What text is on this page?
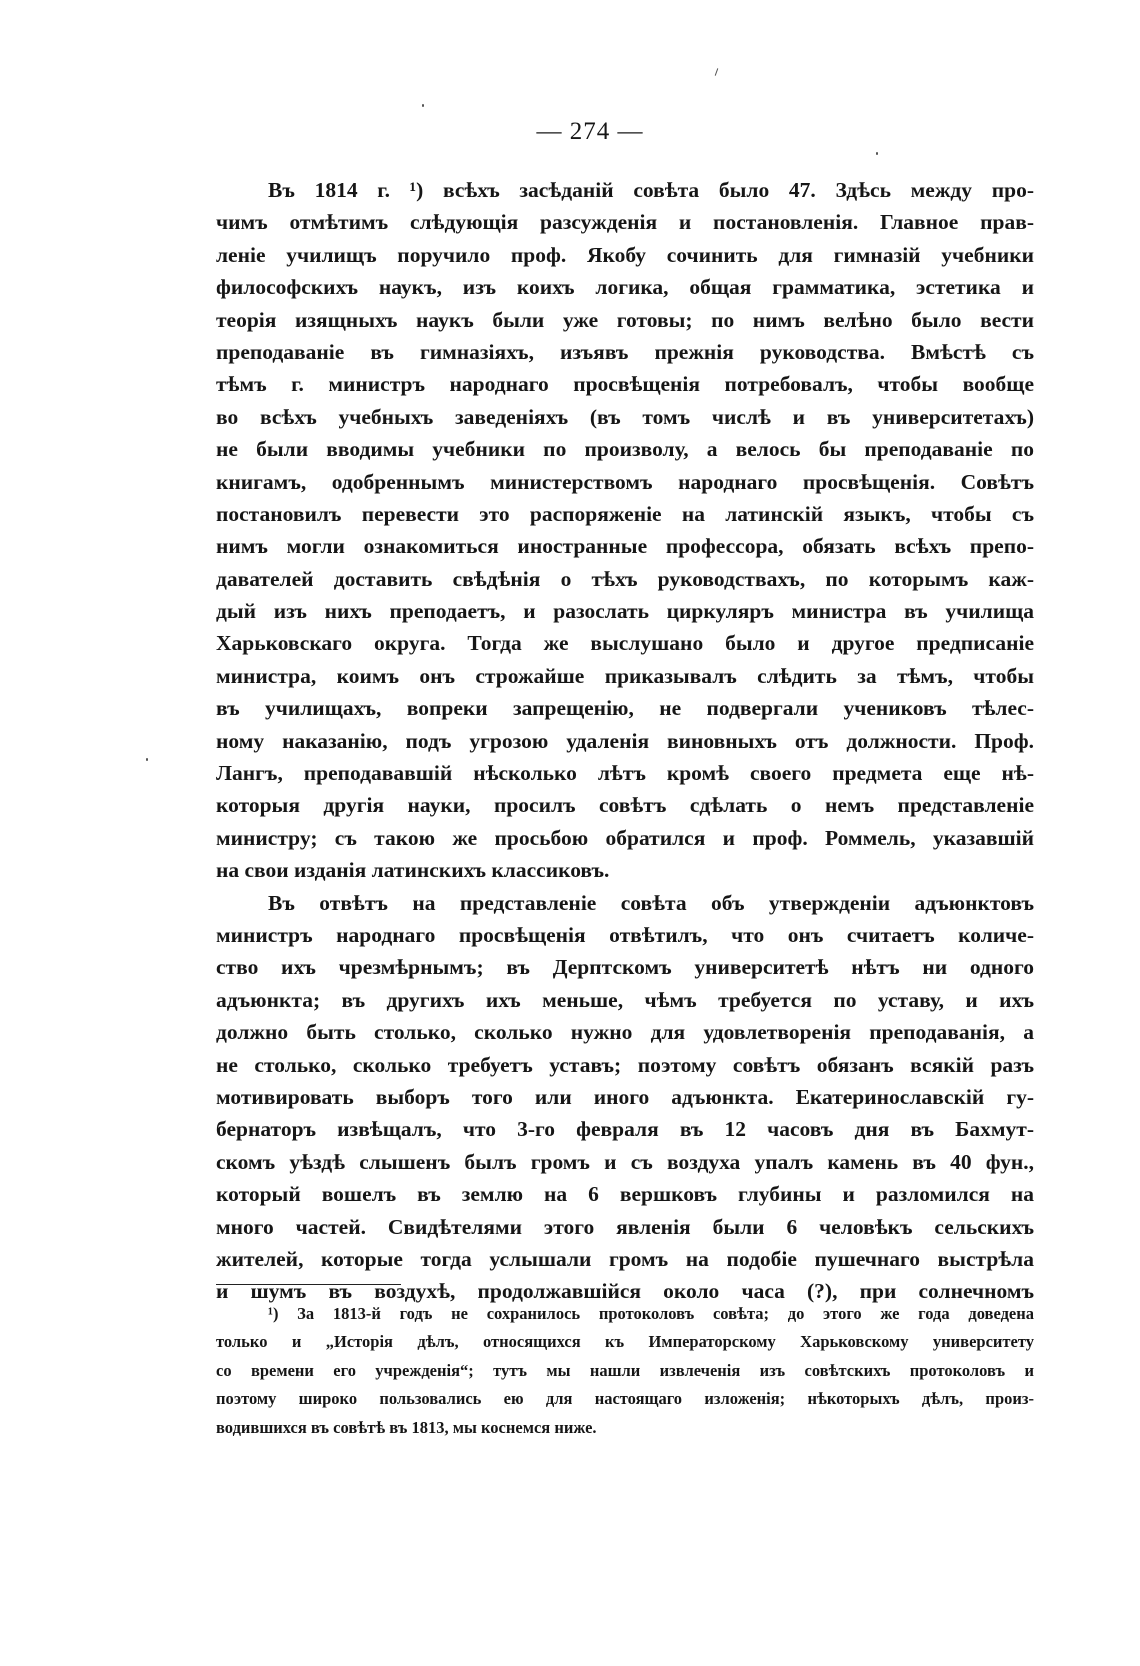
— 274 —
Въ 1814 г. ¹) всѣхъ засѣданій совѣта было 47. Здѣсь между про-
чимъ отмѣтимъ слѣдующія разсужденія и постановленія. Главное прав-
леніе училищъ поручило проф. Якобу сочинить для гимназій учебники
философскихъ наукъ, изъ коихъ логика, общая грамматика, эстетика и
теорія изящныхъ наукъ были уже готовы; по нимъ велѣно было вести
преподаваніе въ гимназіяхъ, изъявъ прежнія руководства. Вмѣстѣ съ
тѣмъ г. министръ народнаго просвѣщенія потребовалъ, чтобы вообще
во всѣхъ учебныхъ заведеніяхъ (въ томъ числѣ и въ университетахъ)
не были вводимы учебники по произволу, а велось бы преподаваніе по
книгамъ, одобреннымъ министерствомъ народнаго просвѣщенія. Совѣтъ
постановилъ перевести это распоряженіе на латинскій языкъ, чтобы съ
нимъ могли ознакомиться иностранные профессора, обязать всѣхъ препо-
давателей доставить свѣдѣнія о тѣхъ руководствахъ, по которымъ каж-
дый изъ нихъ преподаетъ, и разослать циркуляръ министра въ училища
Харьковскаго округа. Тогда же выслушано было и другое предписаніе
министра, коимъ онъ строжайше приказывалъ слѣдить за тѣмъ, чтобы
въ училищахъ, вопреки запрещенію, не подвергали учениковъ тѣлес-
ному наказанію, подъ угрозою удаленія виновныхъ отъ должности. Проф.
Лангъ, преподававшій нѣсколько лѣтъ кромѣ своего предмета еще нѣ-
которыя другія науки, просилъ совѣтъ сдѣлать о немъ представленіе
министру; съ такою же просьбою обратился и проф. Роммель, указавшій
на свои изданія латинскихъ классиковъ.
Въ отвѣтъ на представленіе совѣта объ утвержденіи адъюнктовъ
министръ народнаго просвѣщенія отвѣтилъ, что онъ считаетъ количе-
ство ихъ чрезмѣрнымъ; въ Дерптскомъ университетѣ нѣтъ ни одного
адъюнкта; въ другихъ ихъ меньше, чѣмъ требуется по уставу, и ихъ
должно быть столько, сколько нужно для удовлетворенія преподаванія, а
не столько, сколько требуетъ уставъ; поэтому совѣтъ обязанъ всякій разъ
мотивировать выборъ того или иного адъюнкта. Екатеринославскій гу-
бернаторъ извѣщалъ, что 3-го февраля въ 12 часовъ дня въ Бахмут-
скомъ уѣздѣ слышенъ былъ громъ и съ воздуха упалъ камень въ 40 фун.,
который вошелъ въ землю на 6 вершковъ глубины и разломился на
много частей. Свидѣтелями этого явленія были 6 человѣкъ сельскихъ
жителей, которые тогда услышали громъ на подобіе пушечнаго выстрѣла
и шумъ въ воздухѣ, продолжавшійся около часа (?), при солнечномъ
¹) За 1813-й годъ не сохранилось протоколовъ совѣта; до этого же года доведена
только и „Исторія дѣлъ, относящихся къ Императорскому Харьковскому университету
со времени его учрежденія“; тутъ мы нашли извлеченія изъ совѣтскихъ протоколовъ и
поэтому широко пользовались ею для настоящаго изложенія; нѣкоторыхъ дѣлъ, произ-
водившихся въ совѣтѣ въ 1813, мы коснемся ниже.
